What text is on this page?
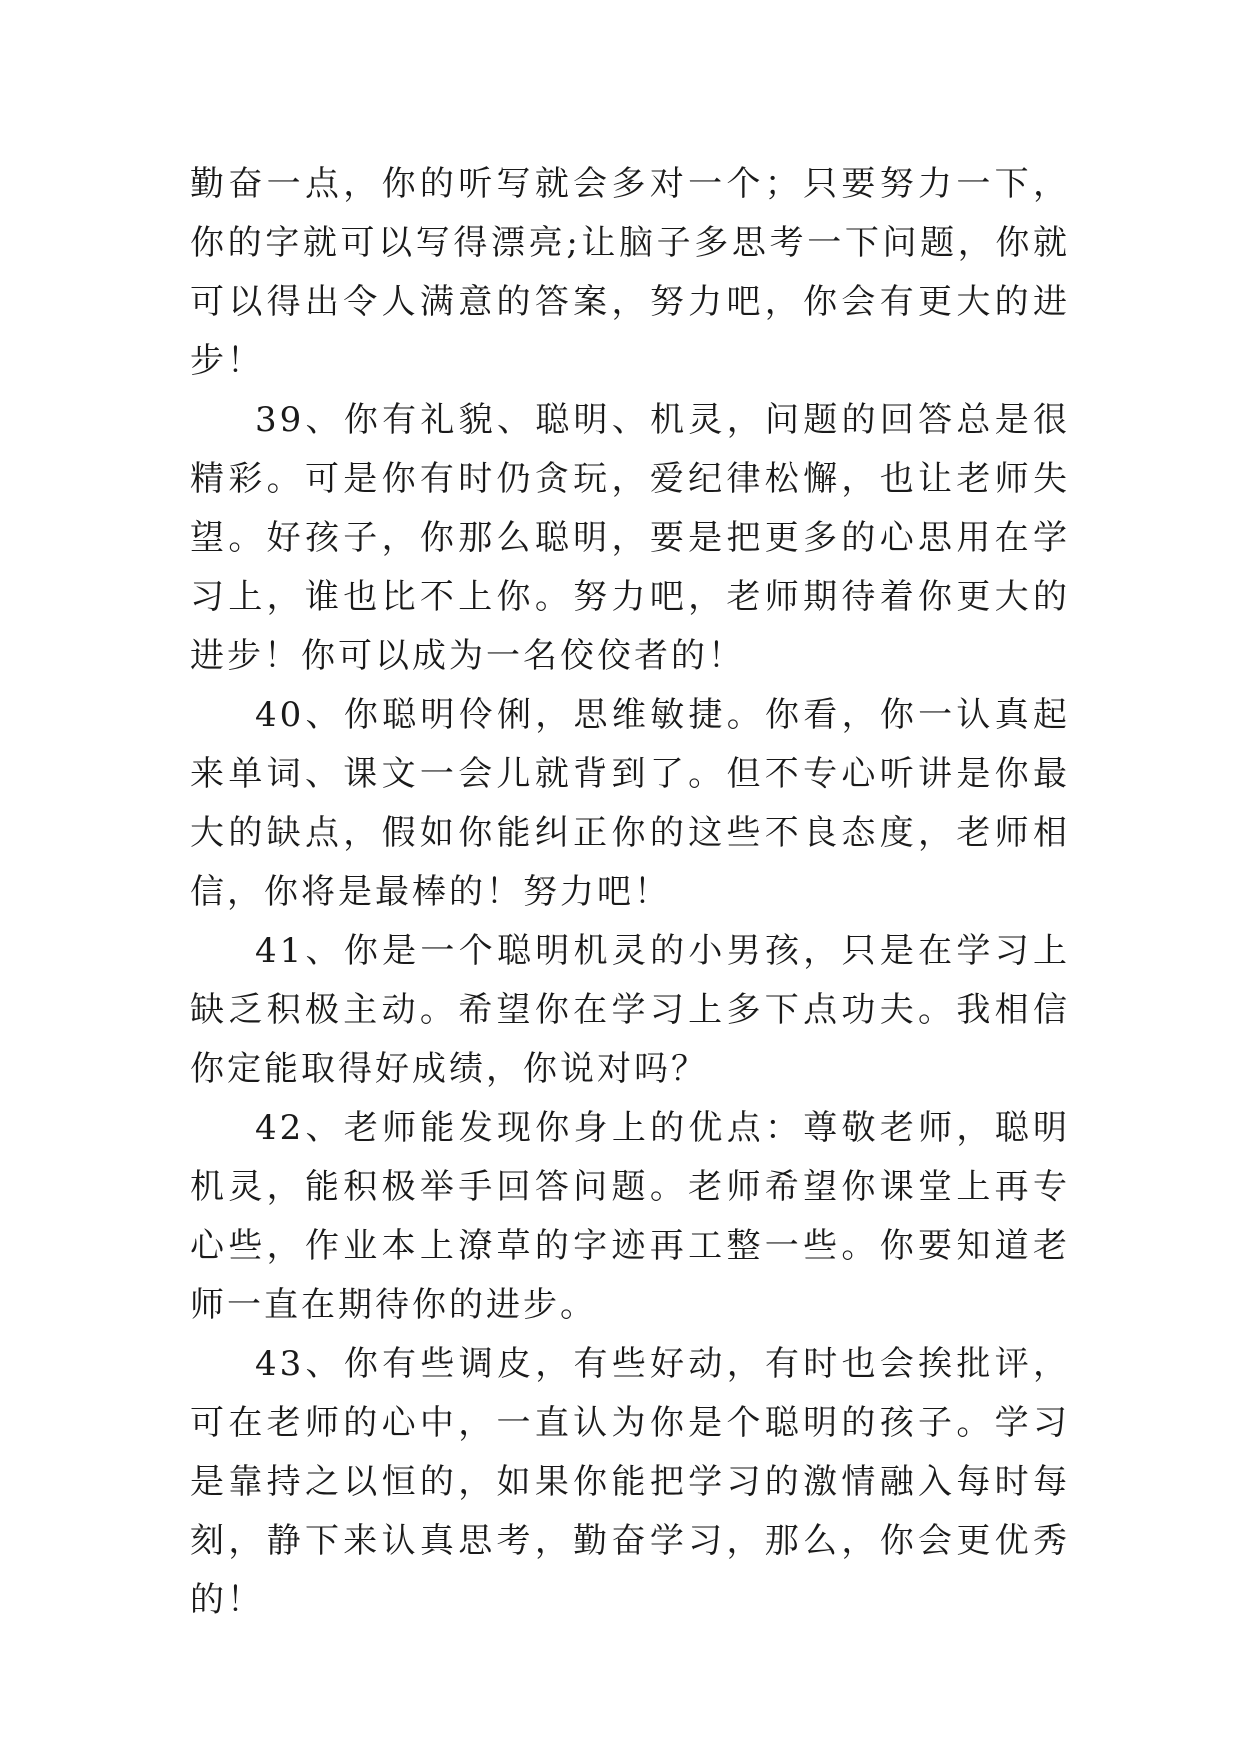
勤奋一点，你的听写就会多对一个；只要努力一下，你的字就可以写得漂亮;让脑子多思考一下问题，你就可以得出令人满意的答案，努力吧，你会有更大的进步！

39、你有礼貌、聪明、机灵，问题的回答总是很精彩。可是你有时仍贪玩，爱纪律松懈，也让老师失望。好孩子，你那么聪明，要是把更多的心思用在学习上，谁也比不上你。努力吧，老师期待着你更大的进步！你可以成为一名佼佼者的！

40、你聪明伶俐，思维敏捷。你看，你一认真起来单词、课文一会儿就背到了。但不专心听讲是你最大的缺点，假如你能纠正你的这些不良态度，老师相信，你将是最棒的！努力吧！

41、你是一个聪明机灵的小男孩，只是在学习上缺乏积极主动。希望你在学习上多下点功夫。我相信你定能取得好成绩，你说对吗？

42、老师能发现你身上的优点：尊敬老师，聪明机灵，能积极举手回答问题。老师希望你课堂上再专心些，作业本上潦草的字迹再工整一些。你要知道老师一直在期待你的进步。

43、你有些调皮，有些好动，有时也会挨批评，可在老师的心中，一直认为你是个聪明的孩子。学习是靠持之以恒的，如果你能把学习的激情融入每时每刻，静下来认真思考，勤奋学习，那么，你会更优秀的！
